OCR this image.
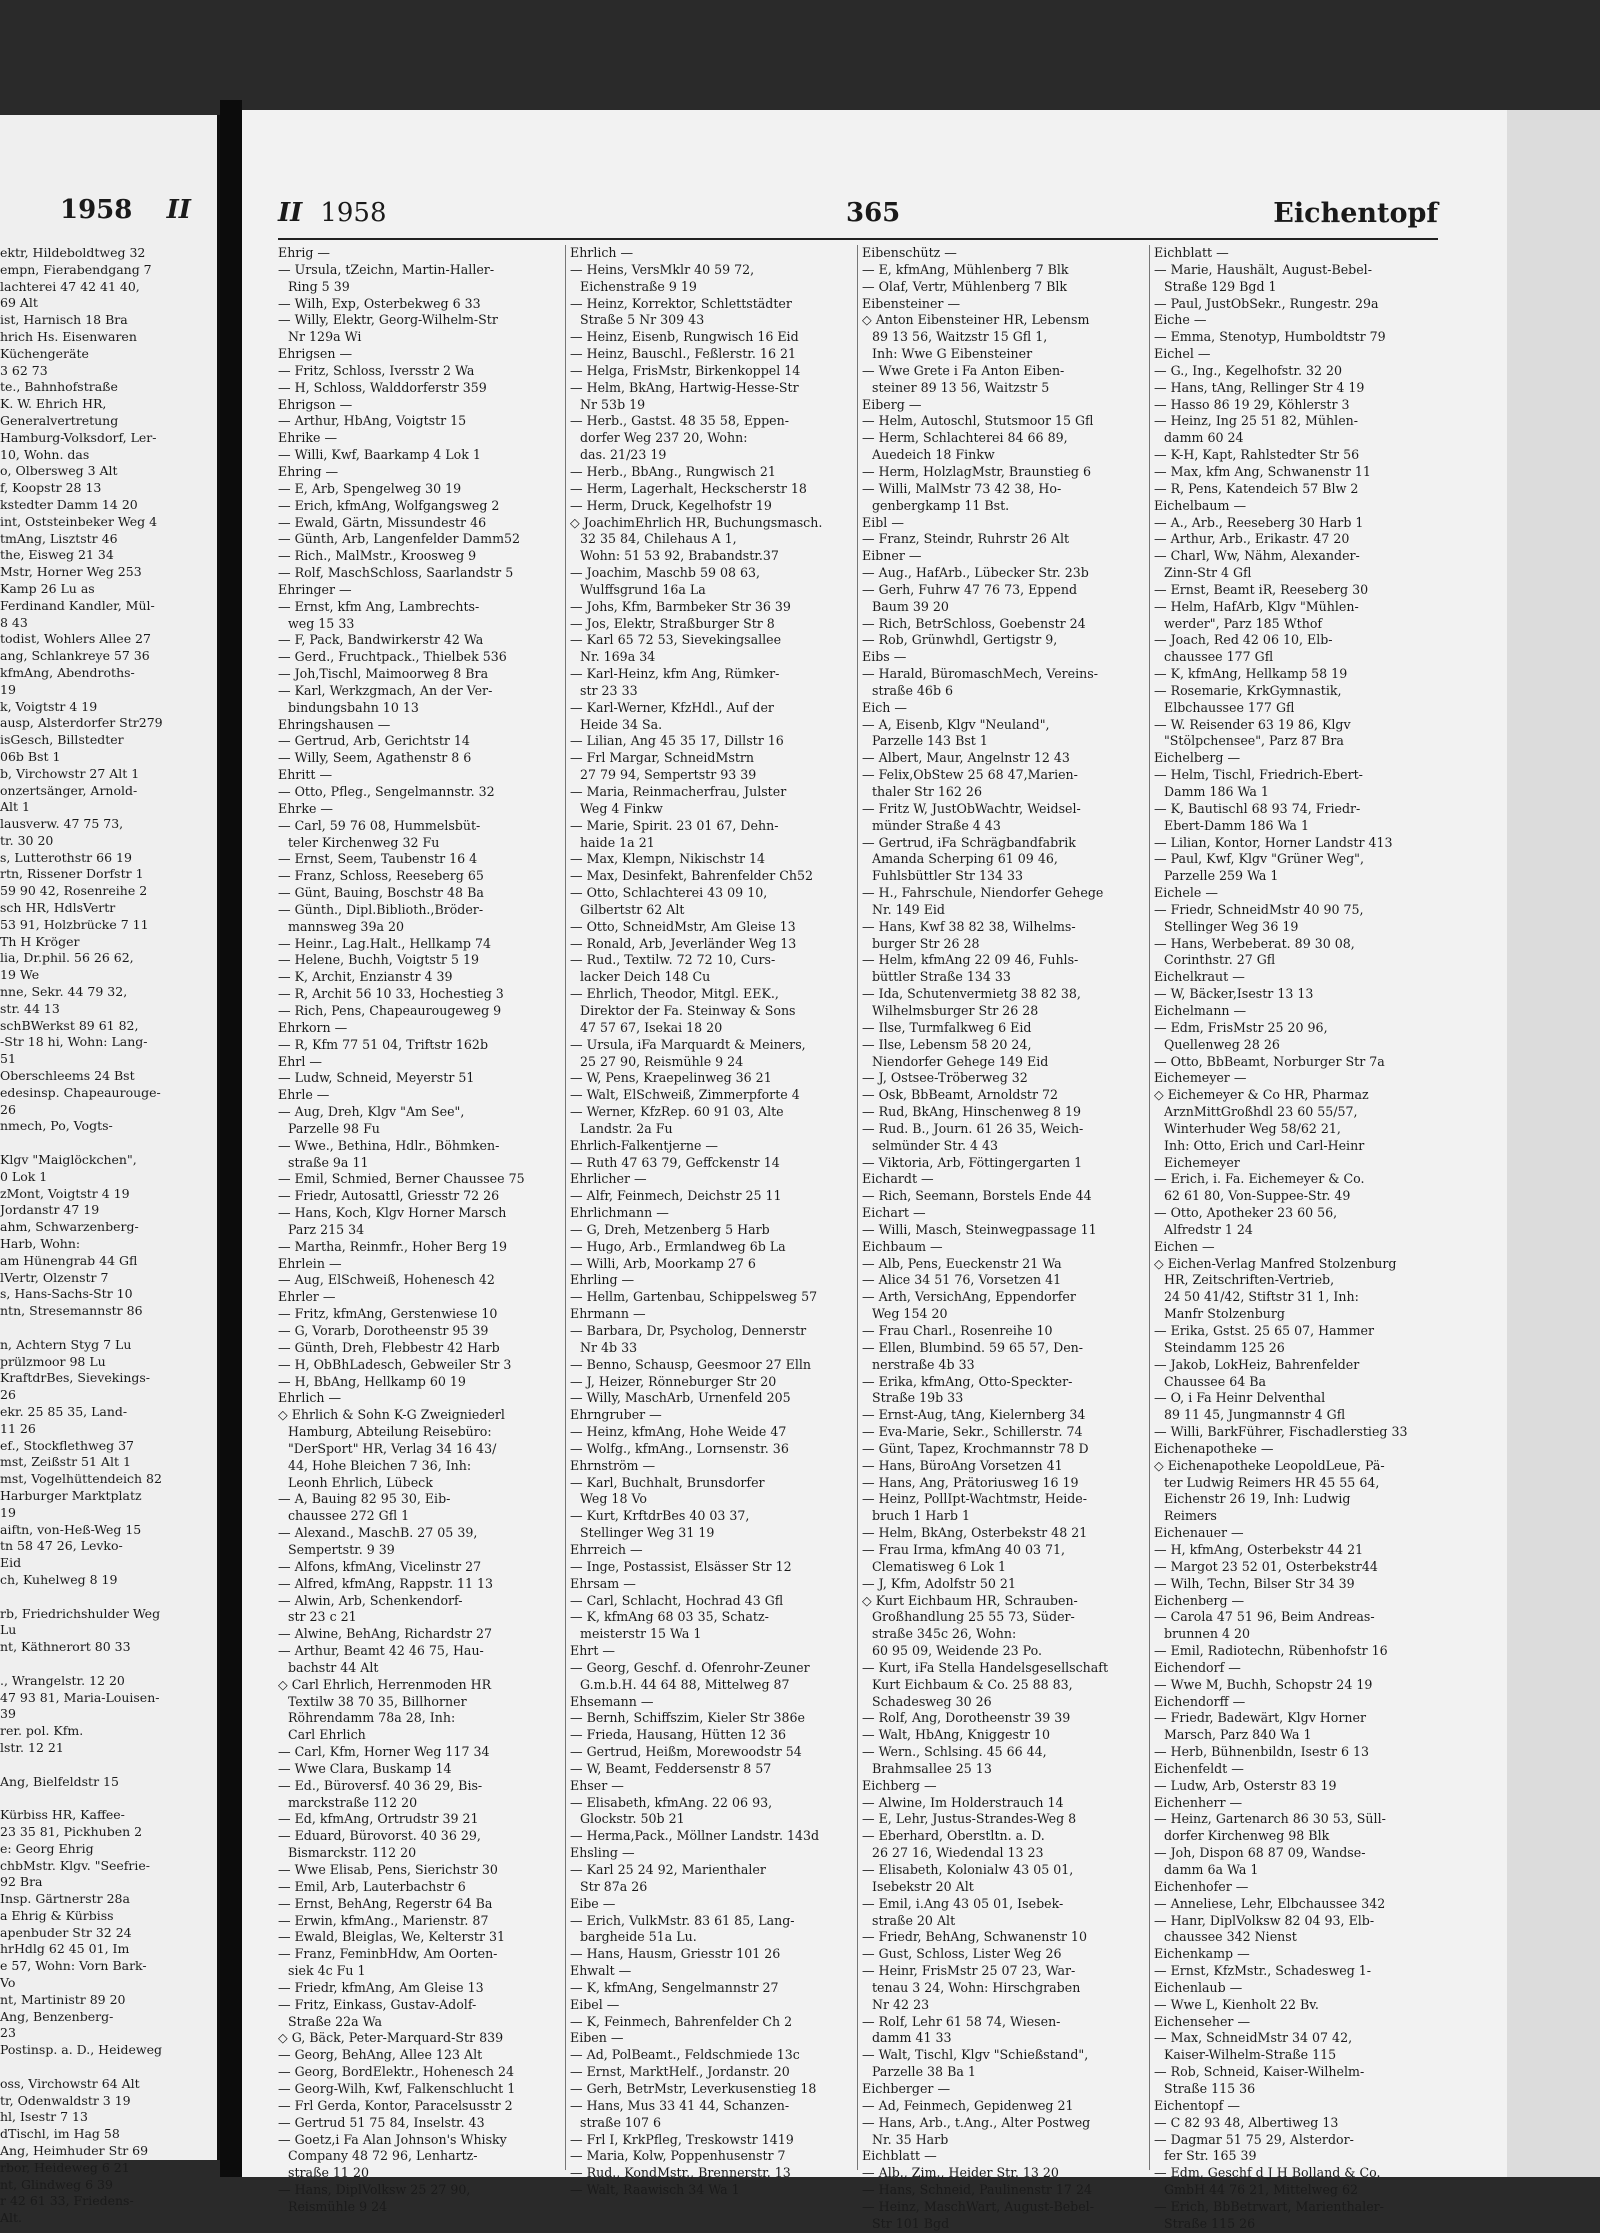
1958 II
ektr, Hildeboldtweg 32
empn, Fierabendgang 7
lachterei 47 42 41 40,
69 Alt
ist, Harnisch 18 Bra
hrich Hs. Eisenwaren
Küchengeräte
3 62 73
te., Bahnhofstraße
K. W. Ehrich HR,
Generalvertretung
Hamburg-Volksdorf, Ler-
10, Wohn. das
o, Olbersweg 3 Alt
f, Koopstr 28 13
kstedter Damm 14 20
int, Oststeinbeker Weg 4
tmAng, Lisztstr 46
the, Eisweg 21 34
Mstr, Horner Weg 253
Kamp 26 Lu as
Ferdinand Kandler, Mül-
8 43
todist, Wohlers Allee 27
ang, Schlankreye 57 36
kfmAng, Abendroths-
19
k, Voigtstr 4 19
ausp, Alsterdorfer Str279
isGesch, Billstedter
06b Bst 1
b, Virchowstr 27 Alt 1
onzertsänger, Arnold-
Alt 1
lausverw. 47 75 73,
tr. 30 20
s, Lutterothstr 66 19
rtn, Rissener Dorfstr 1
59 90 42, Rosenreihe 2
sch HR, HdlsVertr
53 91, Holzbrücke 7 11
Th H Kröger
lia, Dr.phil. 56 26 62,
19 We
nne, Sekr. 44 79 32,
str. 44 13
schBWerkst 89 61 82,
-Str 18 hi, Wohn: Lang-
51
Oberschleems 24 Bst
edesinsp. Chapeaurouge-
26
nmech, Po, Vogts-

Klgv "Maiglöckchen",
0 Lok 1
zMont, Voigtstr 4 19
Jordanstr 47 19
ahm, Schwarzenberg-
Harb, Wohn:
am Hünengrab 44 Gfl
lVertr, Olzenstr 7
s, Hans-Sachs-Str 10
ntn, Stresemannstr 86

n, Achtern Styg 7 Lu
prülzmoor 98 Lu
KraftdrBes, Sievekings-
26
ekr. 25 85 35, Land-
11 26
ef., Stockflethweg 37
mst, Zeißstr 51 Alt 1
mst, Vogelhüttendeich 82
Harburger Marktplatz
19
aiftn, von-Heß-Weg 15
tn 58 47 26, Levko-
Eid
ch, Kuhelweg 8 19

rb, Friedrichshulder Weg
Lu
nt, Käthnerort 80 33

., Wrangelstr. 12 20
47 93 81, Maria-Louisen-
39
rer. pol. Kfm.
lstr. 12 21

Ang, Bielfeldstr 15

Kürbiss HR, Kaffee-
23 35 81, Pickhuben 2
e: Georg Ehrig
chbMstr. Klgv. "Seefrie-
92 Bra
Insp. Gärtnerstr 28a
a Ehrig & Kürbiss
apenbuder Str 32 24
hrHdlg 62 45 01, Im
e 57, Wohn: Vorn Bark-
Vo
nt, Martinistr 89 20
Ang, Benzenberg-
23
Postinsp. a. D., Heideweg

oss, Virchowstr 64 Alt
tr, Odenwaldstr 3 19
hl, Isestr 7 13
dTischl, im Hag 58
Ang, Heimhuder Str 69
rbor, Heideweg 6 21
nt, Glindweg 6 39
r 42 61 33, Friedens-
Alt.
II 1958	365	Eichentopf
Ehrig —
— Ursula, tZeichn, Martin-Haller-
Ring 5 39
— Wilh, Exp, Osterbekweg 6 33
— Willy, Elektr, Georg-Wilhelm-Str
Nr 129a Wi
Ehrigsen —
— Fritz, Schloss, Iversstr 2 Wa
— H, Schloss, Walddorferstr 359
Ehrigson —
— Arthur, HbAng, Voigtstr 15
Ehrike —
— Willi, Kwf, Baarkamp 4 Lok 1
Ehring —
— E, Arb, Spengelweg 30 19
— Erich, kfmAng, Wolfgangsweg 2
— Ewald, Gärtn, Missundestr 46
— Günth, Arb, Langenfelder Damm52
— Rich., MalMstr., Kroosweg 9
— Rolf, MaschSchloss, Saarlandstr 5
Ehringer —
— Ernst, kfm Ang, Lambrechts-
weg 15 33
— F, Pack, Bandwirkerstr 42 Wa
— Gerd., Fruchtpack., Thielbek 536
— Joh,Tischl, Maimoorweg 8 Bra
— Karl, Werkzgmach, An der Ver-
bindungsbahn 10 13
Ehringshausen —
— Gertrud, Arb, Gerichtstr 14
— Willy, Seem, Agathenstr 8 6
Ehritt —
— Otto, Pfleg., Sengelmannstr. 32
Ehrke —
— Carl, 59 76 08, Hummelsbüt-
teler Kirchenweg 32 Fu
— Ernst, Seem, Taubenstr 16 4
— Franz, Schloss, Reeseberg 65
— Günt, Bauing, Boschstr 48 Ba
— Günth., Dipl.Biblioth.,Bröder-
mannsweg 39a 20
— Heinr., Lag.Halt., Hellkamp 74
— Helene, Buchh, Voigtstr 5 19
— K, Archit, Enzianstr 4 39
— R, Archit 56 10 33, Hochestieg 3
— Rich, Pens, Chapeaurougeweg 9
Ehrkorn —
— R, Kfm 77 51 04, Triftstr 162b
Ehrl —
— Ludw, Schneid, Meyerstr 51
Ehrle —
— Aug, Dreh, Klgv "Am See",
Parzelle 98 Fu
— Wwe., Bethina, Hdlr., Böhmken-
straße 9a 11
— Emil, Schmied, Berner Chaussee 75
— Friedr, Autosattl, Griesstr 72 26
— Hans, Koch, Klgv Horner Marsch
Parz 215 34
— Martha, Reinmfr., Hoher Berg 19
Ehrlein —
— Aug, ElSchweiß, Hohenesch 42
Ehrler —
— Fritz, kfmAng, Gerstenwiese 10
— G, Vorarb, Dorotheenstr 95 39
— Günth, Dreh, Flebbestr 42 Harb
— H, ObBhLadesch, Gebweiler Str 3
— H, BbAng, Hellkamp 60 19
Ehrlich —
◇ Ehrlich & Sohn K-G Zweigniederl
Hamburg, Abteilung Reisebüro:
"DerSport" HR, Verlag 34 16 43/
44, Hohe Bleichen 7 36, Inh:
Leonh Ehrlich, Lübeck
— A, Bauing 82 95 30, Eib-
chaussee 272 Gfl 1
— Alexand., MaschB. 27 05 39,
Sempertstr. 9 39
— Alfons, kfmAng, Vicelinstr 27
— Alfred, kfmAng, Rappstr. 11 13
— Alwin, Arb, Schenkendorf-
str 23 c 21
— Alwine, BehAng, Richardstr 27
— Arthur, Beamt 42 46 75, Hau-
bachstr 44 Alt
◇ Carl Ehrlich, Herrenmoden HR
Textilw 38 70 35, Billhorner
Röhrendamm 78a 28, Inh:
Carl Ehrlich
— Carl, Kfm, Horner Weg 117 34
— Wwe Clara, Buskamp 14
— Ed., Büroversf. 40 36 29, Bis-
marckstraße 112 20
— Ed, kfmAng, Ortrudstr 39 21
— Eduard, Bürovorst. 40 36 29,
Bismarckstr. 112 20
— Wwe Elisab, Pens, Sierichstr 30
— Emil, Arb, Lauterbachstr 6
— Ernst, BehAng, Regerstr 64 Ba
— Erwin, kfmAng., Marienstr. 87
— Ewald, Bleiglas, We, Kelterstr 31
— Franz, FeminbHdw, Am Oorten-
siek 4c Fu 1
— Friedr, kfmAng, Am Gleise 13
— Fritz, Einkass, Gustav-Adolf-
Straße 22a Wa
◇ G, Bäck, Peter-Marquard-Str 839
— Georg, BehAng, Allee 123 Alt
— Georg, BordElektr., Hohenesch 24
— Georg-Wilh, Kwf, Falkenschlucht 1
— Frl Gerda, Kontor, Paracelsusstr 2
— Gertrud 51 75 84, Inselstr. 43
— Goetz,i Fa Alan Johnson's Whisky
Company 48 72 96, Lenhartz-
straße 11 20
— Hans, DiplVolksw 25 27 90,
Reismühle 9 24
Ehrlich —
— Heins, VersMklr 40 59 72,
Eichenstraße 9 19
— Heinz, Korrektor, Schlettstädter
Straße 5 Nr 309 43
— Heinz, Eisenb, Rungwisch 16 Eid
— Heinz, Bauschl., Feßlerstr. 16 21
— Helga, FrisMstr, Birkenkoppel 14
— Helm, BkAng, Hartwig-Hesse-Str
Nr 53b 19
— Herb., Gastst. 48 35 58, Eppen-
dorfer Weg 237 20, Wohn:
das. 21/23 19
— Herb., BbAng., Rungwisch 21
— Herm, Lagerhalt, Heckscherstr 18
— Herm, Druck, Kegelhofstr 19
◇ JoachimEhrlich HR, Buchungsmasch.
32 35 84, Chilehaus A 1,
Wohn: 51 53 92, Brabandstr.37
— Joachim, Maschb 59 08 63,
Wulffsgrund 16a La
— Johs, Kfm, Barmbeker Str 36 39
— Jos, Elektr, Straßburger Str 8
— Karl 65 72 53, Sievekingsallee
Nr. 169a 34
— Karl-Heinz, kfm Ang, Rümker-
str 23 33
— Karl-Werner, KfzHdl., Auf der
Heide 34 Sa.
— Lilian, Ang 45 35 17, Dillstr 16
— Frl Margar, SchneidMstrn
27 79 94, Sempertstr 93 39
— Maria, Reinmacherfrau, Julster
Weg 4 Finkw
— Marie, Spirit. 23 01 67, Dehn-
haide 1a 21
— Max, Klempn, Nikischstr 14
— Max, Desinfekt, Bahrenfelder Ch52
— Otto, Schlachterei 43 09 10,
Gilbertstr 62 Alt
— Otto, SchneidMstr, Am Gleise 13
— Ronald, Arb, Jeverländer Weg 13
— Rud., Textilw. 72 72 10, Curs-
lacker Deich 148 Cu
— Ehrlich, Theodor, Mitgl. EEK.,
Direktor der Fa. Steinway & Sons
47 57 67, Isekai 18 20
— Ursula, iFa Marquardt & Meiners,
25 27 90, Reismühle 9 24
— W, Pens, Kraepelinweg 36 21
— Walt, ElSchweiß, Zimmerpforte 4
— Werner, KfzRep. 60 91 03, Alte
Landstr. 2a Fu
Ehrlich-Falkentjerne —
— Ruth 47 63 79, Geffckenstr 14
Ehrlicher —
— Alfr, Feinmech, Deichstr 25 11
Ehrlichmann —
— G, Dreh, Metzenberg 5 Harb
— Hugo, Arb., Ermlandweg 6b La
— Willi, Arb, Moorkamp 27 6
Ehrling —
— Hellm, Gartenbau, Schippelsweg 57
Ehrmann —
— Barbara, Dr, Psycholog, Dennerstr
Nr 4b 33
— Benno, Schausp, Geesmoor 27 Elln
— J, Heizer, Rönneburger Str 20
— Willy, MaschArb, Urnenfeld 205
Ehrngruber —
— Heinz, kfmAng, Hohe Weide 47
— Wolfg., kfmAng., Lornsenstr. 36
Ehrnström —
— Karl, Buchhalt, Brunsdorfer
Weg 18 Vo
— Kurt, KrftdrBes 40 03 37,
Stellinger Weg 31 19
Ehrreich —
— Inge, Postassist, Elsässer Str 12
Ehrsam —
— Carl, Schlacht, Hochrad 43 Gfl
— K, kfmAng 68 03 35, Schatz-
meisterstr 15 Wa 1
Ehrt —
— Georg, Geschf. d. Ofenrohr-Zeuner
G.m.b.H. 44 64 88, Mittelweg 87
Ehsemann —
— Bernh, Schiffszim, Kieler Str 386e
— Frieda, Hausang, Hütten 12 36
— Gertrud, Heißm, Morewoodstr 54
— W, Beamt, Feddersenstr 8 57
Ehser —
— Elisabeth, kfmAng. 22 06 93,
Glockstr. 50b 21
— Herma,Pack., Möllner Landstr. 143d
Ehsling —
— Karl 25 24 92, Marienthaler
Str 87a 26
Eibe —
— Erich, VulkMstr. 83 61 85, Lang-
bargheide 51a Lu.
— Hans, Hausm, Griesstr 101 26
Ehwalt —
— K, kfmAng, Sengelmannstr 27
Eibel —
— K, Feinmech, Bahrenfelder Ch 2
Eiben —
— Ad, PolBeamt., Feldschmiede 13c
— Ernst, MarktHelf., Jordanstr. 20
— Gerh, BetrMstr, Leverkusenstieg 18
— Hans, Mus 33 41 44, Schanzen-
straße 107 6
— Frl I, KrkPfleg, Treskowstr 1419
— Maria, Kolw, Poppenhusenstr 7
— Rud., KondMstr., Brennerstr. 13
— Walt, Raawisch 34 Wa 1
Eibenschütz —
— E, kfmAng, Mühlenberg 7 Blk
— Olaf, Vertr, Mühlenberg 7 Blk
Eibensteiner —
◇ Anton Eibensteiner HR, Lebensm
89 13 56, Waitzstr 15 Gfl 1,
Inh: Wwe G Eibensteiner
— Wwe Grete i Fa Anton Eiben-
steiner 89 13 56, Waitzstr 5
Eiberg —
— Helm, Autoschl, Stutsmoor 15 Gfl
— Herm, Schlachterei 84 66 89,
Auedeich 18 Finkw
— Herm, HolzlagMstr, Braunstieg 6
— Willi, MalMstr 73 42 38, Ho-
genbergkamp 11 Bst.
Eibl —
— Franz, Steindr, Ruhrstr 26 Alt
Eibner —
— Aug., HafArb., Lübecker Str. 23b
— Gerh, Fuhrw 47 76 73, Eppend
Baum 39 20
— Rich, BetrSchloss, Goebenstr 24
— Rob, Grünwhdl, Gertigstr 9,
Eibs —
— Harald, BüromaschMech, Vereins-
straße 46b 6
Eich —
— A, Eisenb, Klgv "Neuland",
Parzelle 143 Bst 1
— Albert, Maur, Angelnstr 12 43
— Felix,ObStew 25 68 47,Marien-
thaler Str 162 26
— Fritz W, JustObWachtr, Weidsel-
münder Straße 4 43
— Gertrud, iFa Schrägbandfabrik
Amanda Scherping 61 09 46,
Fuhlsbüttler Str 134 33
— H., Fahrschule, Niendorfer Gehege
Nr. 149 Eid
— Hans, Kwf 38 82 38, Wilhelms-
burger Str 26 28
— Helm, kfmAng 22 09 46, Fuhls-
büttler Straße 134 33
— Ida, Schutenvermietg 38 82 38,
Wilhelmsburger Str 26 28
— Ilse, Turmfalkweg 6 Eid
— Ilse, Lebensm 58 20 24,
Niendorfer Gehege 149 Eid
— J, Ostsee-Tröberweg 32
— Osk, BbBeamt, Arnoldstr 72
— Rud, BkAng, Hinschenweg 8 19
— Rud. B., Journ. 61 26 35, Weich-
selmünder Str. 4 43
— Viktoria, Arb, Föttingergarten 1
Eichardt —
— Rich, Seemann, Borstels Ende 44
Eichart —
— Willi, Masch, Steinwegpassage 11
Eichbaum —
— Alb, Pens, Eueckenstr 21 Wa
— Alice 34 51 76, Vorsetzen 41
— Arth, VersichAng, Eppendorfer
Weg 154 20
— Frau Charl., Rosenreihe 10
— Ellen, Blumbind. 59 65 57, Den-
nerstraße 4b 33
— Erika, kfmAng, Otto-Speckter-
Straße 19b 33
— Ernst-Aug, tAng, Kielernberg 34
— Eva-Marie, Sekr., Schillerstr. 74
— Günt, Tapez, Krochmannstr 78 D
— Hans, BüroAng Vorsetzen 41
— Hans, Ang, Prätoriusweg 16 19
— Heinz, PollIpt-Wachtmstr, Heide-
bruch 1 Harb 1
— Helm, BkAng, Osterbekstr 48 21
— Frau Irma, kfmAng 40 03 71,
Clematisweg 6 Lok 1
— J, Kfm, Adolfstr 50 21
◇ Kurt Eichbaum HR, Schrauben-
Großhandlung 25 55 73, Süder-
straße 345c 26, Wohn:
60 95 09, Weidende 23 Po.
— Kurt, iFa Stella Handelsgesellschaft
Kurt Eichbaum & Co. 25 88 83,
Schadesweg 30 26
— Rolf, Ang, Dorotheenstr 39 39
— Walt, HbAng, Kniggestr 10
— Wern., Schlsing. 45 66 44,
Brahmsallee 25 13
Eichberg —
— Alwine, Im Holderstrauch 14
— E, Lehr, Justus-Strandes-Weg 8
— Eberhard, Oberstltn. a. D.
26 27 16, Wiedendal 13 23
— Elisabeth, Kolonialw 43 05 01,
Isebekstr 20 Alt
— Emil, i.Ang 43 05 01, Isebek-
straße 20 Alt
— Friedr, BehAng, Schwanenstr 10
— Gust, Schloss, Lister Weg 26
— Heinr, FrisMstr 25 07 23, War-
tenau 3 24, Wohn: Hirschgraben
Nr 42 23
— Rolf, Lehr 61 58 74, Wiesen-
damm 41 33
— Walt, Tischl, Klgv "Schießstand",
Parzelle 38 Ba 1
Eichberger —
— Ad, Feinmech, Gepidenweg 21
— Hans, Arb., t.Ang., Alter Postweg
Nr. 35 Harb
Eichblatt —
— Alb., Zim., Heider Str. 13 20
— Hans, Schneid, Paulinenstr 17 24
— Heinz, MaschWart, August-Bebel-
Str 101 Bgd
Eichblatt —
— Marie, Haushält, August-Bebel-
Straße 129 Bgd 1
— Paul, JustObSekr., Rungestr. 29a
Eiche —
— Emma, Stenotyp, Humboldtstr 79
Eichel —
— G., Ing., Kegelhofstr. 32 20
— Hans, tAng, Rellinger Str 4 19
— Hasso 86 19 29, Köhlerstr 3
— Heinz, Ing 25 51 82, Mühlen-
damm 60 24
— K-H, Kapt, Rahlstedter Str 56
— Max, kfm Ang, Schwanenstr 11
— R, Pens, Katendeich 57 Blw 2
Eichelbaum —
— A., Arb., Reeseberg 30 Harb 1
— Arthur, Arb., Erikastr. 47 20
— Charl, Ww, Nähm, Alexander-
Zinn-Str 4 Gfl
— Ernst, Beamt iR, Reeseberg 30
— Helm, HafArb, Klgv "Mühlen-
werder", Parz 185 Wthof
— Joach, Red 42 06 10, Elb-
chaussee 177 Gfl
— K, kfmAng, Hellkamp 58 19
— Rosemarie, KrkGymnastik,
Elbchaussee 177 Gfl
— W. Reisender 63 19 86, Klgv
"Stölpchensee", Parz 87 Bra
Eichelberg —
— Helm, Tischl, Friedrich-Ebert-
Damm 186 Wa 1
— K, Bautischl 68 93 74, Friedr-
Ebert-Damm 186 Wa 1
— Lilian, Kontor, Horner Landstr 413
— Paul, Kwf, Klgv "Grüner Weg",
Parzelle 259 Wa 1
Eichele —
— Friedr, SchneidMstr 40 90 75,
Stellinger Weg 36 19
— Hans, Werbeberat. 89 30 08,
Corinthstr. 27 Gfl
Eichelkraut —
— W, Bäcker,Isestr 13 13
Eichelmann —
— Edm, FrisMstr 25 20 96,
Quellenweg 28 26
— Otto, BbBeamt, Norburger Str 7a
Eichemeyer —
◇ Eichemeyer & Co HR, Pharmaz
ArznMittGroßhdl 23 60 55/57,
Winterhuder Weg 58/62 21,
Inh: Otto, Erich und Carl-Heinr
Eichemeyer
— Erich, i. Fa. Eichemeyer & Co.
62 61 80, Von-Suppee-Str. 49
— Otto, Apotheker 23 60 56,
Alfredstr 1 24
Eichen —
◇ Eichen-Verlag Manfred Stolzenburg
HR, Zeitschriften-Vertrieb,
24 50 41/42, Stiftstr 31 1, Inh:
Manfr Stolzenburg
— Erika, Gstst. 25 65 07, Hammer
Steindamm 125 26
— Jakob, LokHeiz, Bahrenfelder
Chaussee 64 Ba
— O, i Fa Heinr Delventhal
89 11 45, Jungmannstr 4 Gfl
— Willi, BarkFührer, Fischadlerstieg 33
Eichenapotheke —
◇ Eichenapotheke LeopoldLeue, Pä-
ter Ludwig Reimers HR 45 55 64,
Eichenstr 26 19, Inh: Ludwig
Reimers
Eichenauer —
— H, kfmAng, Osterbekstr 44 21
— Margot 23 52 01, Osterbekstr44
— Wilh, Techn, Bilser Str 34 39
Eichenberg —
— Carola 47 51 96, Beim Andreas-
brunnen 4 20
— Emil, Radiotechn, Rübenhofstr 16
Eichendorf —
— Wwe M, Buchh, Schopstr 24 19
Eichendorff —
— Friedr, Badewärt, Klgv Horner
Marsch, Parz 840 Wa 1
— Herb, Bühnenbildn, Isestr 6 13
Eichenfeldt —
— Ludw, Arb, Osterstr 83 19
Eichenherr —
— Heinz, Gartenarch 86 30 53, Süll-
dorfer Kirchenweg 98 Blk
— Joh, Dispon 68 87 09, Wandse-
damm 6a Wa 1
Eichenhofer —
— Anneliese, Lehr, Elbchaussee 342
— Hanr, DiplVolksw 82 04 93, Elb-
chaussee 342 Nienst
Eichenkamp —
— Ernst, KfzMstr., Schadesweg 1-
Eichenlaub —
— Wwe L, Kienholt 22 Bv.
Eichenseher —
— Max, SchneidMstr 34 07 42,
Kaiser-Wilhelm-Straße 115
— Rob, Schneid, Kaiser-Wilhelm-
Straße 115 36
Eichentopf —
— C 82 93 48, Albertiweg 13
— Dagmar 51 75 29, Alsterdor-
fer Str. 165 39
— Edm, Geschf d J H Bolland & Co.
GmbH 44 76 21, Mittelweg 62
— Erich, BbBetrwart, Marienthaler-
Straße 115 26
